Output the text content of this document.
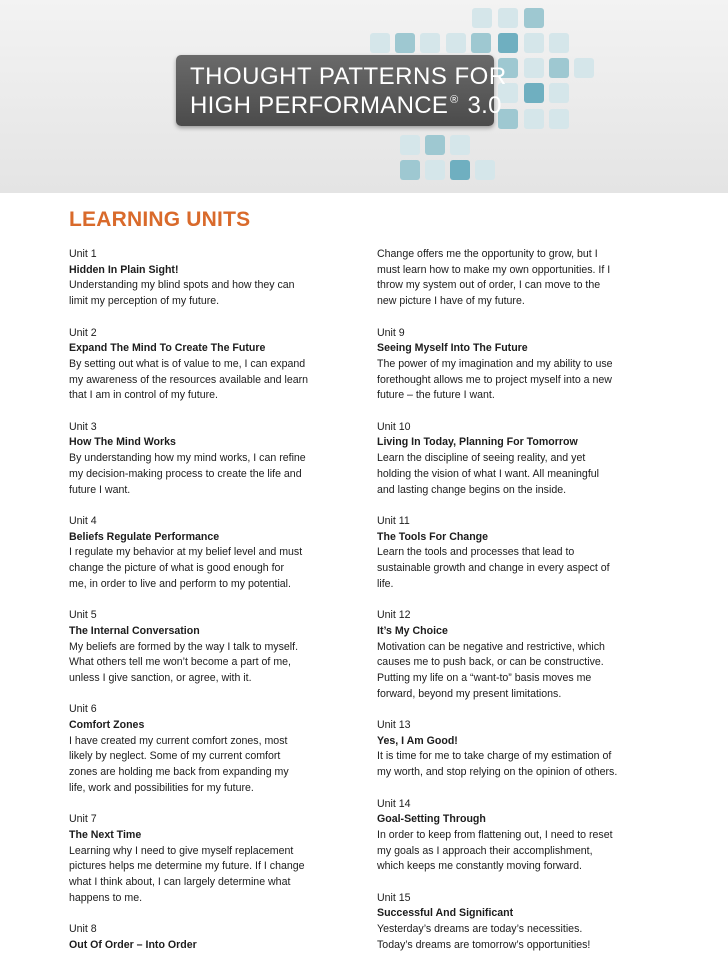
THOUGHT PATTERNS FOR
HIGH PERFORMANCE ® 3.0
LEARNING UNITS
Unit 1
Hidden In Plain Sight!
Understanding my blind spots and how they can
limit my perception of my future.
Unit 2
Expand The Mind To Create The Future
By setting out what is of value to me, I can expand
my awareness of the resources available and learn
that I am in control of my future.
Unit 3
How The Mind Works
By understanding how my mind works, I can refine
my decision-making process to create the life and
future I want.
Unit 4
Beliefs Regulate Performance
I regulate my behavior at my belief level and must
change the picture of what is good enough for
me, in order to live and perform to my potential.
Unit 5
The Internal Conversation
My beliefs are formed by the way I talk to myself.
What others tell me won’t become a part of me,
unless I give sanction, or agree, with it.
Unit 6
Comfort Zones
I have created my current comfort zones, most
likely by neglect. Some of my current comfort
zones are holding me back from expanding my
life, work and possibilities for my future.
Unit 7
The Next Time
Learning why I need to give myself replacement
pictures helps me determine my future. If I change
what I think about, I can largely determine what
happens to me.
Unit 8
Out Of Order – Into Order
Change offers me the opportunity to grow, but I
must learn how to make my own opportunities. If I
throw my system out of order, I can move to the
new picture I have of my future.
Unit 9
Seeing Myself Into The Future
The power of my imagination and my ability to use
forethought allows me to project myself into a new
future – the future I want.
Unit 10
Living In Today, Planning For Tomorrow
Learn the discipline of seeing reality, and yet
holding the vision of what I want. All meaningful
and lasting change begins on the inside.
Unit 11
The Tools For Change
Learn the tools and processes that lead to
sustainable growth and change in every aspect of
life.
Unit 12
It’s My Choice
Motivation can be negative and restrictive, which
causes me to push back, or can be constructive.
Putting my life on a “want-to” basis moves me
forward, beyond my present limitations.
Unit 13
Yes, I Am Good!
It is time for me to take charge of my estimation of
my worth, and stop relying on the opinion of others.
Unit 14
Goal-Setting Through
In order to keep from flattening out, I need to reset
my goals as I approach their accomplishment,
which keeps me constantly moving forward.
Unit 15
Successful And Significant
Yesterday’s dreams are today’s necessities.
Today’s dreams are tomorrow’s opportunities!
